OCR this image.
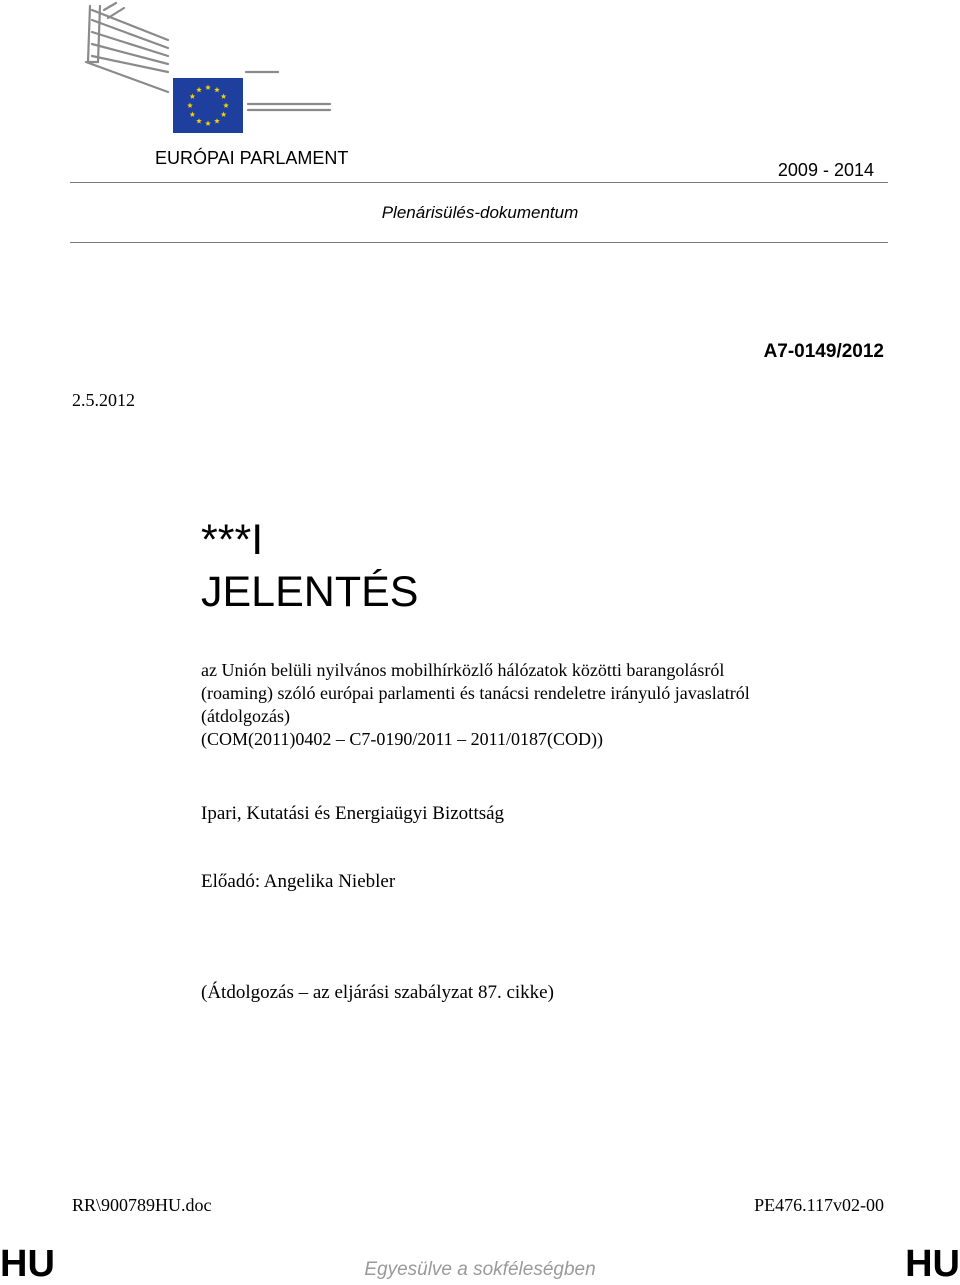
EURÓPAI PARLAMENT
2009 - 2014
Plenárisülés-dokumentum
A7-0149/2012
2.5.2012
***I
JELENTÉS
az Unión belüli nyilvános mobilhírközlő hálózatok közötti barangolásról
(roaming) szóló európai parlamenti és tanácsi rendeletre irányuló javaslatról
(átdolgozás)
(COM(2011)0402 – C7-0190/2011 – 2011/0187(COD))
Ipari, Kutatási és Energiaügyi Bizottság
Előadó: Angelika Niebler
(Átdolgozás – az eljárási szabályzat 87. cikke)
RR\900789HU.doc	PE476.117v02-00
HU	HU
Egyesülve a sokféleségben
